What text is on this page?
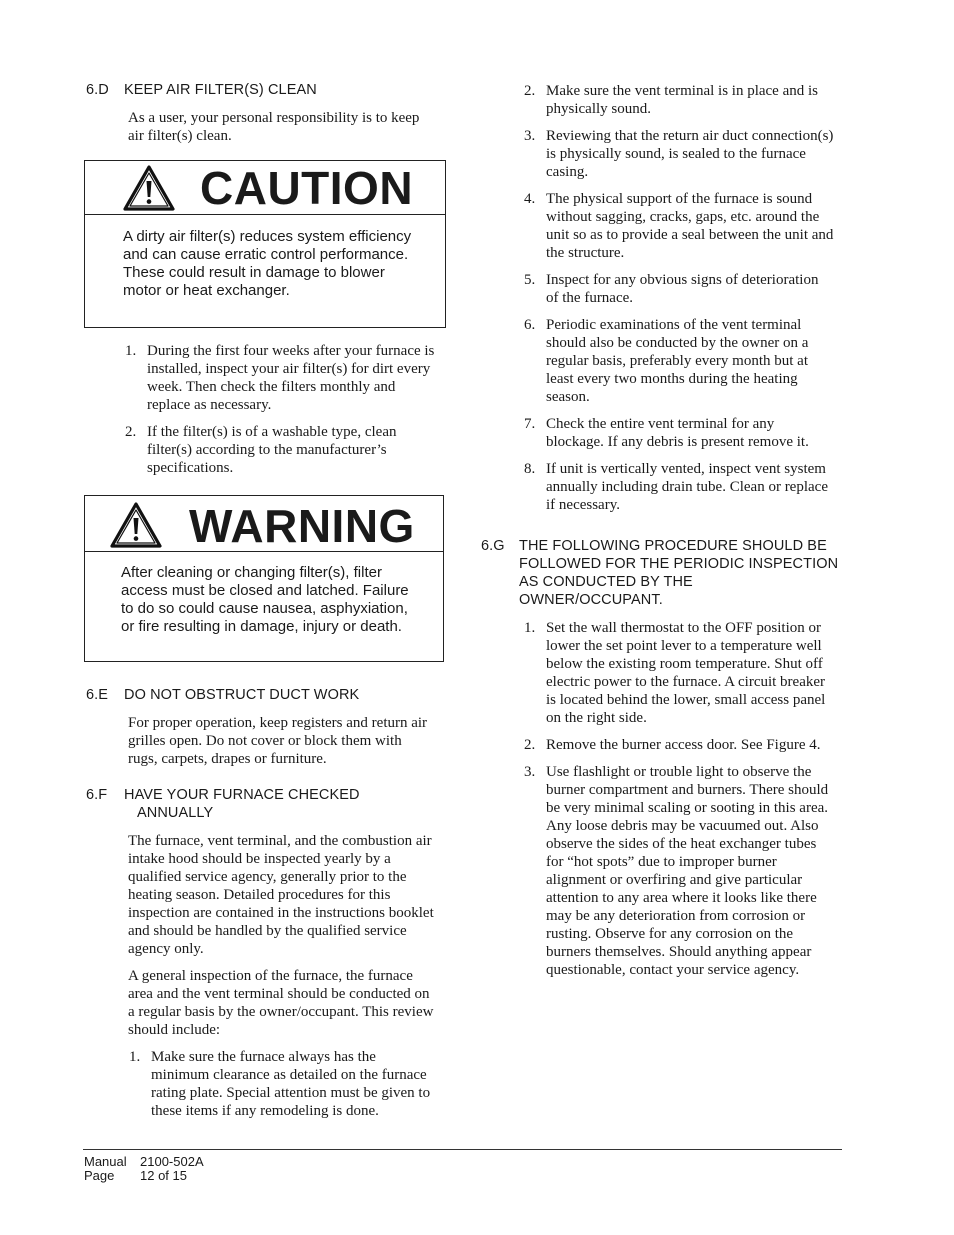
6.D KEEP AIR FILTER(S) CLEAN
As a user, your personal responsibility is to keep air filter(s) clean.
CAUTION
A dirty air filter(s) reduces system efficiency and can cause erratic control performance. These could result in damage to blower motor or heat exchanger.
1. During the first four weeks after your furnace is installed, inspect your air filter(s) for dirt every week. Then check the filters monthly and replace as necessary.
2. If the filter(s) is of a washable type, clean filter(s) according to the manufacturer’s specifications.
WARNING
After cleaning or changing filter(s), filter access must be closed and latched. Failure to do so could cause nausea, asphyxiation, or fire resulting in damage, injury or death.
6.E DO NOT OBSTRUCT DUCT WORK
For proper operation, keep registers and return air grilles open. Do not cover or block them with rugs, carpets, drapes or furniture.
6.F HAVE YOUR FURNACE CHECKED
ANNUALLY
The furnace, vent terminal, and the combustion air intake hood should be inspected yearly by a qualified service agency, generally prior to the heating season. Detailed procedures for this inspection are contained in the instructions booklet and should be handled by the qualified service agency only.
A general inspection of the furnace, the furnace area and the vent terminal should be conducted on a regular basis by the owner/occupant. This review should include:
1. Make sure the furnace always has the minimum clearance as detailed on the furnace rating plate. Special attention must be given to these items if any remodeling is done.
2. Make sure the vent terminal is in place and is physically sound.
3. Reviewing that the return air duct connection(s) is physically sound, is sealed to the furnace casing.
4. The physical support of the furnace is sound without sagging, cracks, gaps, etc. around the unit so as to provide a seal between the unit and the structure.
5. Inspect for any obvious signs of deterioration of the furnace.
6. Periodic examinations of the vent terminal should also be conducted by the owner on a regular basis, preferably every month but at least every two months during the heating season.
7. Check the entire vent terminal for any blockage. If any debris is present remove it.
8. If unit is vertically vented, inspect vent system annually including drain tube. Clean or replace if necessary.
6.G THE FOLLOWING PROCEDURE SHOULD BE FOLLOWED FOR THE PERIODIC INSPECTION AS CONDUCTED BY THE OWNER/OCCUPANT.
1. Set the wall thermostat to the OFF position or lower the set point lever to a temperature well below the existing room temperature. Shut off electric power to the furnace. A circuit breaker is located behind the lower, small access panel on the right side.
2. Remove the burner access door. See Figure 4.
3. Use flashlight or trouble light to observe the burner compartment and burners. There should be very minimal scaling or sooting in this area. Any loose debris may be vacuumed out. Also observe the sides of the heat exchanger tubes for “hot spots” due to improper burner alignment or overfiring and give particular attention to any area where it looks like there may be any deterioration from corrosion or rusting. Observe for any corrosion on the burners themselves. Should anything appear questionable, contact your service agency.
Manual 2100-502A
Page 12 of 15
